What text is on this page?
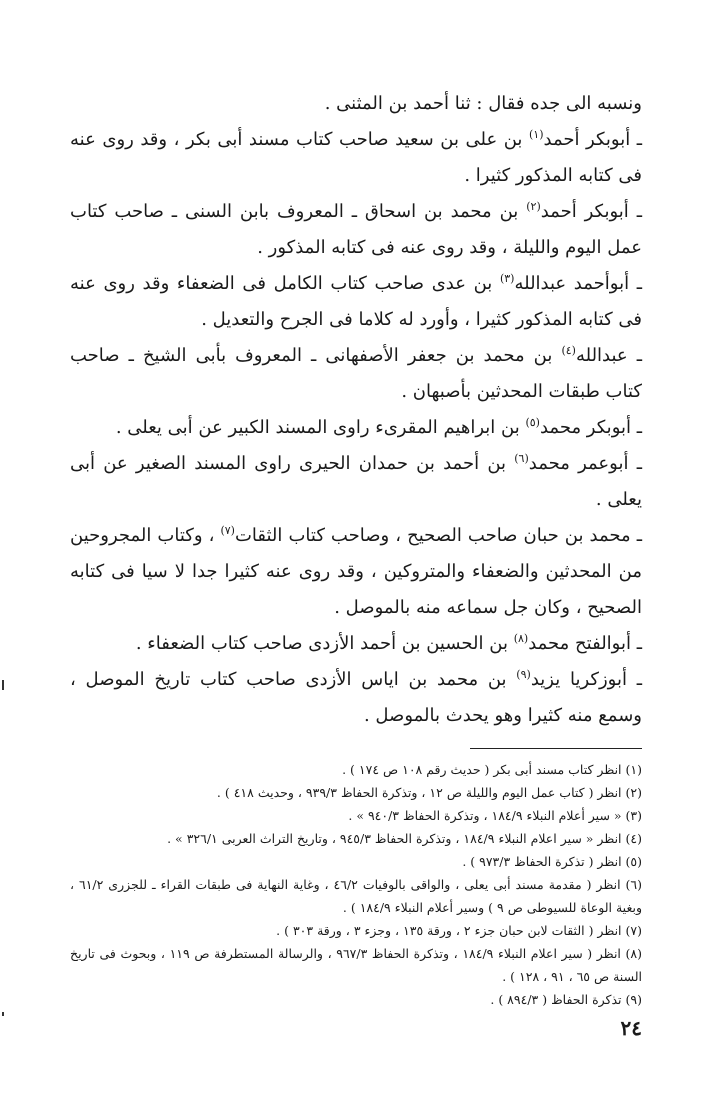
ونسبه الى جده فقال : ثنا أحمد بن المثنى .

ـ أبوبكر أحمد$^{(١)}$ بن على بن سعيد صاحب كتاب مسند أبى بكر ، وقد روى عنه فى كتابه المذكور كثيرا .

ـ أبوبكر أحمد$^{(٢)}$ بن محمد بن اسحاق ـ المعروف بابن السنى ـ صاحب كتاب عمل اليوم والليلة ، وقد روى عنه فى كتابه المذكور .

ـ أبوأحمد عبدالله$^{(٣)}$ بن عدى صاحب كتاب الكامل فى الضعفاء وقد روى عنه فى كتابه المذكور كثيرا ، وأورد له كلاما فى الجرح والتعديل .

ـ عبدالله$^{(٤)}$ بن محمد بن جعفر الأصفهانى ـ المعروف بأبى الشيخ ـ صاحب كتاب طبقات المحدثين بأصبهان .

ـ أبوبكر محمد$^{(٥)}$ بن ابراهيم المقرىء راوى المسند الكبير عن أبى يعلى .

ـ أبوعمر محمد$^{(٦)}$ بن أحمد بن حمدان الحيرى راوى المسند الصغير عن أبى يعلى .

ـ محمد بن حبان صاحب الصحيح ، وصاحب كتاب الثقات$^{(٧)}$ ، وكتاب المجروحين من المحدثين والضعفاء والمتروكين ، وقد روى عنه كثيرا جدا لا سيا فى كتابه الصحيح ، وكان جل سماعه منه بالموصل .

ـ أبوالفتح محمد$^{(٨)}$ بن الحسين بن أحمد الأزدى صاحب كتاب الضعفاء .

ـ أبوزكريا يزيد$^{(٩)}$ بن محمد بن اياس الأزدى صاحب كتاب تاريخ الموصل ، وسمع منه كثيرا وهو يحدث بالموصل .

(١) انظر كتاب مسند أبى بكر ( حديث رقم ١٠٨ ص ١٧٤ ) .

(٢) انظر ( كتاب عمل اليوم والليلة ص ١٢ ، وتذكرة الحفاظ ٩٣٩/٣ ، وحديث ٤١٨ ) .

(٣) « سير أعلام النبلاء ١٨٤/٩ ، وتذكرة الحفاظ ٩٤٠/٣ » .

(٤) انظر « سير اعلام النبلاء ١٨٤/٩ ، وتذكرة الحفاظ ٩٤٥/٣ ، وتاريخ التراث العربى ٣٢٦/١ » .

(٥) انظر ( تذكرة الحفاظ ٩٧٣/٣ ) .

(٦) انظر ( مقدمة مسند أبى يعلى ، والواقى بالوفيات ٤٦/٢ ، وغاية النهاية فى طبقات القراء ـ للجزرى ٦١/٢ ، وبغية الوعاة للسيوطى ص ٩ ) وسير أعلام النبلاء ١٨٤/٩ ) .

(٧) انظر ( الثقات لابن حبان جزء ٢ ، ورقة ١٣٥ ، وجزء ٣ ، ورقة ٣٠٣ ) .

(٨) انظر ( سير اعلام النبلاء ١٨٤/٩ ، وتذكرة الحفاظ ٩٦٧/٣ ، والرسالة المستطرفة ص ١١٩ ، وبحوث فى تاريخ السنة ص ٦٥ ، ٩١ ، ١٢٨ ) .

(٩) تذكرة الحفاظ ( ٨٩٤/٣ ) .

٢٤
